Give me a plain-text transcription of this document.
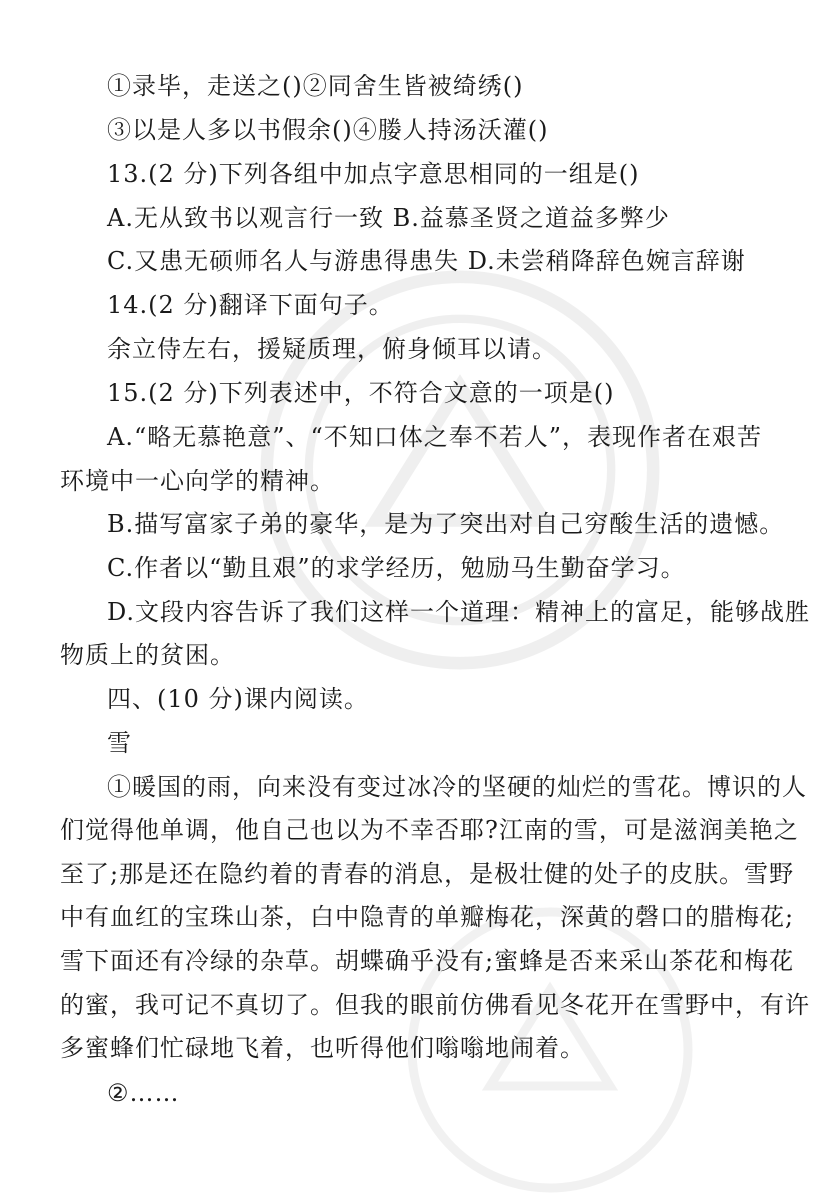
①录毕，走送之()②同舍生皆被绮绣()
③以是人多以书假余()④媵人持汤沃灌()
13.(2 分)下列各组中加点字意思相同的一组是()
A.无从致书以观言行一致 B.益慕圣贤之道益多弊少
C.又患无硕师名人与游患得患失 D.未尝稍降辞色婉言辞谢
14.(2 分)翻译下面句子。
余立侍左右，援疑质理，俯身倾耳以请。
15.(2 分)下列表述中，不符合文意的一项是()
A.“略无慕艳意”、“不知口体之奉不若人”，表现作者在艰苦
环境中一心向学的精神。
B.描写富家子弟的豪华，是为了突出对自己穷酸生活的遗憾。
C.作者以“勤且艰”的求学经历，勉励马生勤奋学习。
D.文段内容告诉了我们这样一个道理：精神上的富足，能够战胜
物质上的贫困。
四、(10 分)课内阅读。
雪
①暖国的雨，向来没有变过冰冷的坚硬的灿烂的雪花。博识的人
们觉得他单调，他自己也以为不幸否耶?江南的雪，可是滋润美艳之
至了;那是还在隐约着的青春的消息，是极壮健的处子的皮肤。雪野
中有血红的宝珠山茶，白中隐青的单瓣梅花，深黄的磬口的腊梅花;
雪下面还有冷绿的杂草。胡蝶确乎没有;蜜蜂是否来采山茶花和梅花
的蜜，我可记不真切了。但我的眼前仿佛看见冬花开在雪野中，有许
多蜜蜂们忙碌地飞着，也听得他们嗡嗡地闹着。
②……
